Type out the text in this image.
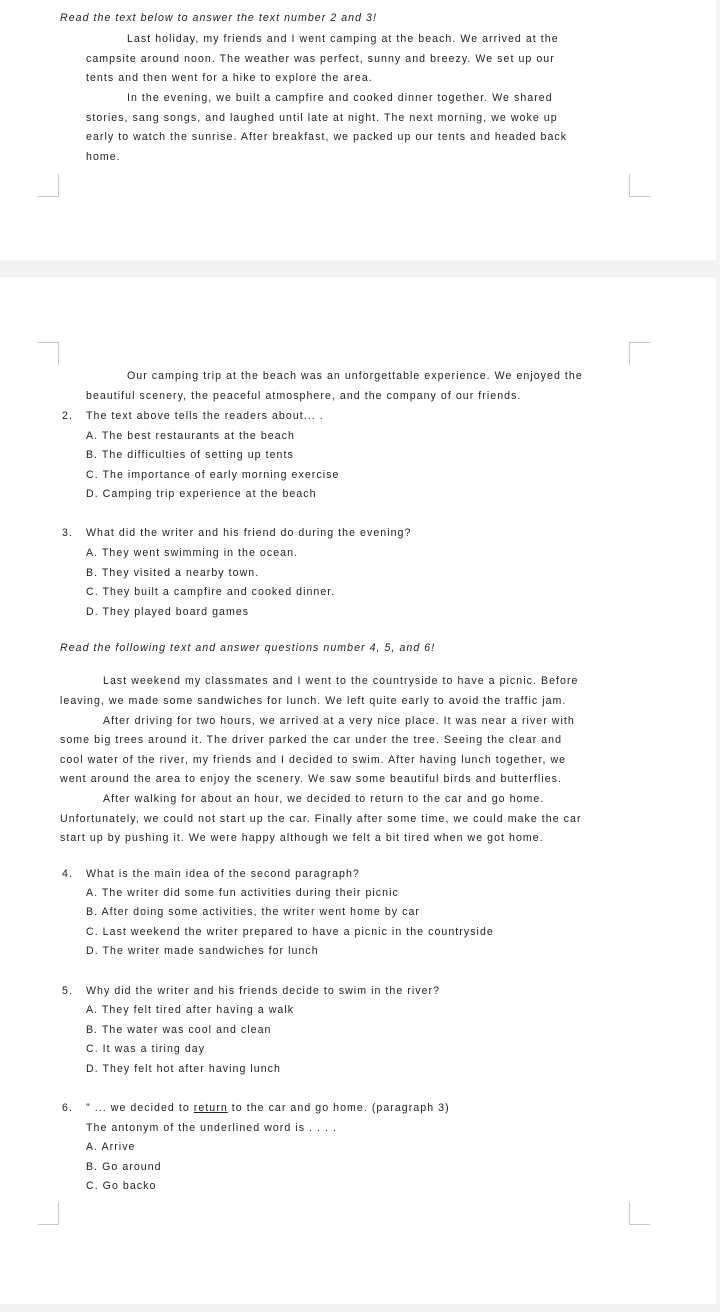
Read the text below to answer the text number 2 and 3!
Last holiday, my friends and I went camping at the beach. We arrived at the
campsite around noon. The weather was perfect, sunny and breezy. We set up our
tents and then went for a hike to explore the area.
In the evening, we built a campfire and cooked dinner together. We shared
stories, sang songs, and laughed until late at night. The next morning, we woke up
early to watch the sunrise. After breakfast, we packed up our tents and headed back
home.
Our camping trip at the beach was an unforgettable experience. We enjoyed the
beautiful scenery, the peaceful atmosphere, and the company of our friends.
2. The text above tells the readers about... .
A. The best restaurants at the beach
B. The difficulties of setting up tents
C. The importance of early morning exercise
D. Camping trip experience at the beach
3. What did the writer and his friend do during the evening?
A. They went swimming in the ocean.
B. They visited a nearby town.
C. They built a campfire and cooked dinner.
D. They played board games
Read the following text and answer questions number 4, 5, and 6!
Last weekend my classmates and I went to the countryside to have a picnic. Before
leaving, we made some sandwiches for lunch. We left quite early to avoid the traffic jam.
After driving for two hours, we arrived at a very nice place. It was near a river with
some big trees around it. The driver parked the car under the tree. Seeing the clear and
cool water of the river, my friends and I decided to swim. After having lunch together, we
went around the area to enjoy the scenery. We saw some beautiful birds and butterflies.
After walking for about an hour, we decided to return to the car and go home.
Unfortunately, we could not start up the car. Finally after some time, we could make the car
start up by pushing it. We were happy although we felt a bit tired when we got home.
4. What is the main idea of the second paragraph?
A. The writer did some fun activities during their picnic
B. After doing some activities, the writer went home by car
C. Last weekend the writer prepared to have a picnic in the countryside
D. The writer made sandwiches for lunch
5. Why did the writer and his friends decide to swim in the river?
A. They felt tired after having a walk
B. The water was cool and clean
C. It was a tiring day
D. They felt hot after having lunch
6. " ... we decided to return to the car and go home. (paragraph 3)
The antonym of the underlined word is . . . .
A. Arrive
B. Go around
C. Go backo
